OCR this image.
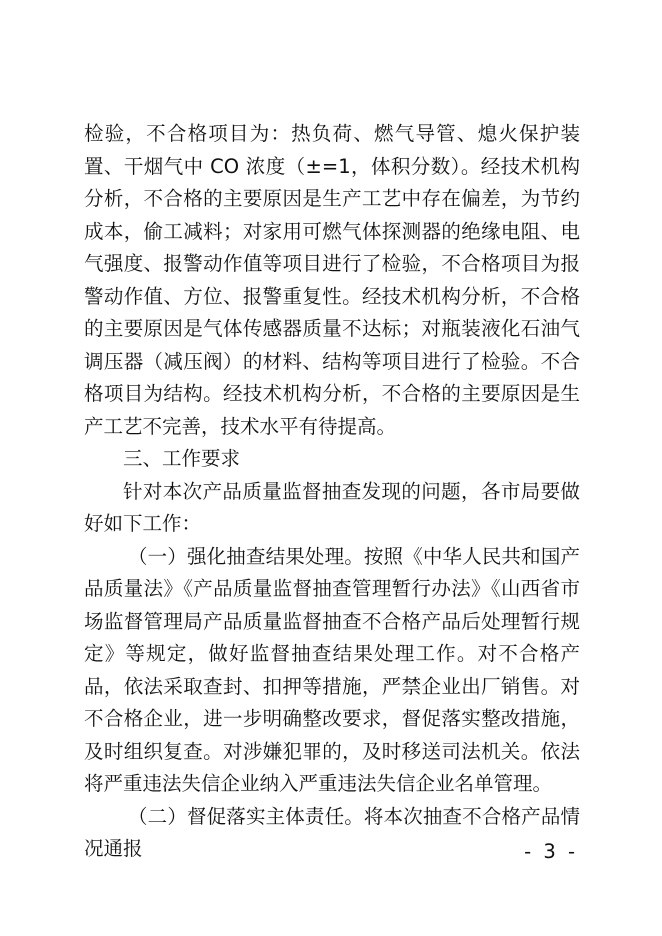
检验，不合格项目为：热负荷、燃气导管、熄火保护装置、干烟气中 CO 浓度（±=1，体积分数）。经技术机构分析，不合格的主要原因是生产工艺中存在偏差，为节约成本，偷工减料；对家用可燃气体探测器的绝缘电阻、电气强度、报警动作值等项目进行了检验，不合格项目为报警动作值、方位、报警重复性。经技术机构分析，不合格的主要原因是气体传感器质量不达标；对瓶装液化石油气调压器（减压阀）的材料、结构等项目进行了检验。不合格项目为结构。经技术机构分析，不合格的主要原因是生产工艺不完善，技术水平有待提高。

三、工作要求

针对本次产品质量监督抽查发现的问题，各市局要做好如下工作：

（一）强化抽查结果处理。按照《中华人民共和国产品质量法》《产品质量监督抽查管理暂行办法》《山西省市场监督管理局产品质量监督抽查不合格产品后处理暂行规定》等规定，做好监督抽查结果处理工作。对不合格产品，依法采取查封、扣押等措施，严禁企业出厂销售。对不合格企业，进一步明确整改要求，督促落实整改措施，及时组织复查。对涉嫌犯罪的，及时移送司法机关。依法将严重违法失信企业纳入严重违法失信企业名单管理。

（二）督促落实主体责任。将本次抽查不合格产品情况通报	- 3 -
